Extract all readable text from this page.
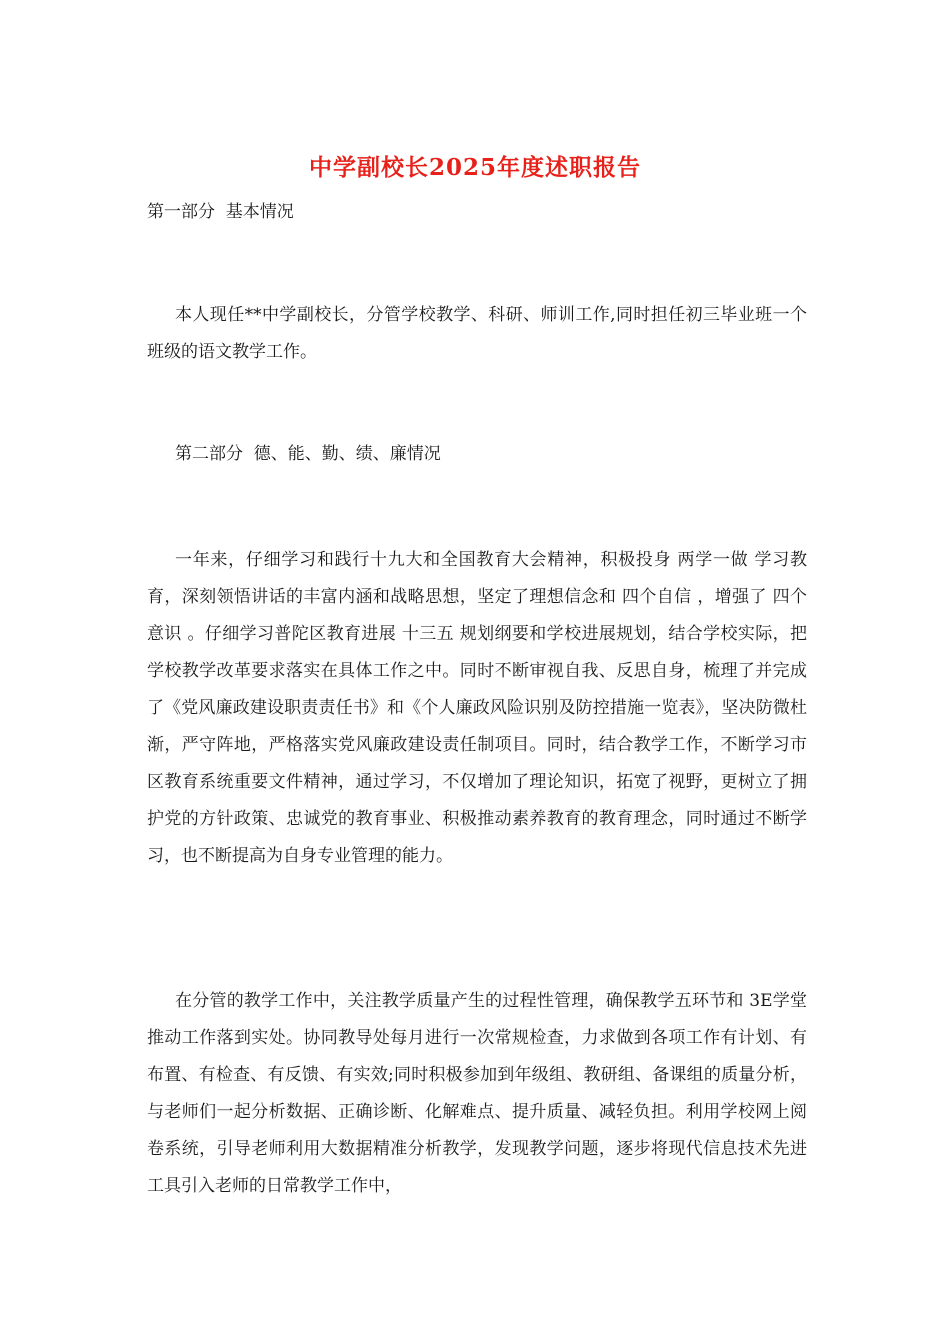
中学副校长2025年度述职报告
第一部分  基本情况
本人现任**中学副校长，分管学校教学、科研、师训工作,同时担任初三毕业班一个班级的语文教学工作。
第二部分  德、能、勤、绩、廉情况
一年来，仔细学习和践行十九大和全国教育大会精神，积极投身 两学一做 学习教育，深刻领悟讲话的丰富内涵和战略思想，坚定了理想信念和 四个自信 ，增强了 四个意识 。仔细学习普陀区教育进展 十三五 规划纲要和学校进展规划，结合学校实际，把学校教学改革要求落实在具体工作之中。同时不断审视自我、反思自身，梳理了并完成了《党风廉政建设职责责任书》和《个人廉政风险识别及防控措施一览表》，坚决防微杜渐，严守阵地，严格落实党风廉政建设责任制项目。同时，结合教学工作，不断学习市区教育系统重要文件精神，通过学习，不仅增加了理论知识，拓宽了视野，更树立了拥护党的方针政策、忠诚党的教育事业、积极推动素养教育的教育理念，同时通过不断学习，也不断提高为自身专业管理的能力。
在分管的教学工作中，关注教学质量产生的过程性管理，确保教学五环节和 3E学堂 推动工作落到实处。协同教导处每月进行一次常规检查，力求做到各项工作有计划、有布置、有检查、有反馈、有实效;同时积极参加到年级组、教研组、备课组的质量分析，与老师们一起分析数据、正确诊断、化解难点、提升质量、减轻负担。利用学校网上阅卷系统，引导老师利用大数据精准分析教学，发现教学问题，逐步将现代信息技术先进工具引入老师的日常教学工作中，
